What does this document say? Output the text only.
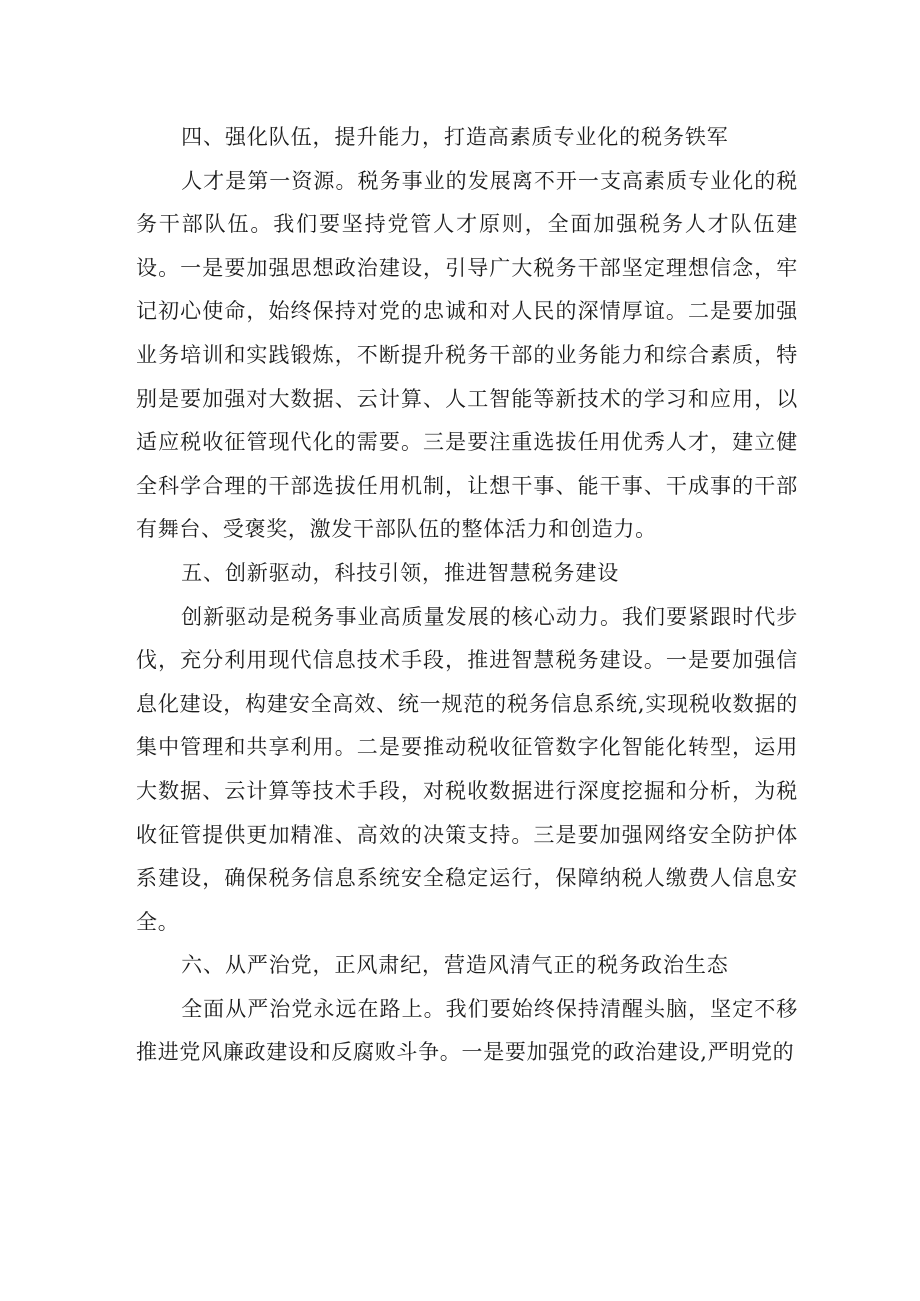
四、强化队伍，提升能力，打造高素质专业化的税务铁军

人才是第一资源。税务事业的发展离不开一支高素质专业化的税务干部队伍。我们要坚持党管人才原则，全面加强税务人才队伍建设。一是要加强思想政治建设，引导广大税务干部坚定理想信念，牢记初心使命，始终保持对党的忠诚和对人民的深情厚谊。二是要加强业务培训和实践锻炼，不断提升税务干部的业务能力和综合素质，特别是要加强对大数据、云计算、人工智能等新技术的学习和应用，以适应税收征管现代化的需要。三是要注重选拔任用优秀人才，建立健全科学合理的干部选拔任用机制，让想干事、能干事、干成事的干部有舞台、受褒奖，激发干部队伍的整体活力和创造力。

五、创新驱动，科技引领，推进智慧税务建设

创新驱动是税务事业高质量发展的核心动力。我们要紧跟时代步伐，充分利用现代信息技术手段，推进智慧税务建设。一是要加强信息化建设，构建安全高效、统一规范的税务信息系统,实现税收数据的集中管理和共享利用。二是要推动税收征管数字化智能化转型，运用大数据、云计算等技术手段，对税收数据进行深度挖掘和分析，为税收征管提供更加精准、高效的决策支持。三是要加强网络安全防护体系建设，确保税务信息系统安全稳定运行，保障纳税人缴费人信息安全。

六、从严治党，正风肃纪，营造风清气正的税务政治生态

全面从严治党永远在路上。我们要始终保持清醒头脑，坚定不移推进党风廉政建设和反腐败斗争。一是要加强党的政治建设,严明党的
